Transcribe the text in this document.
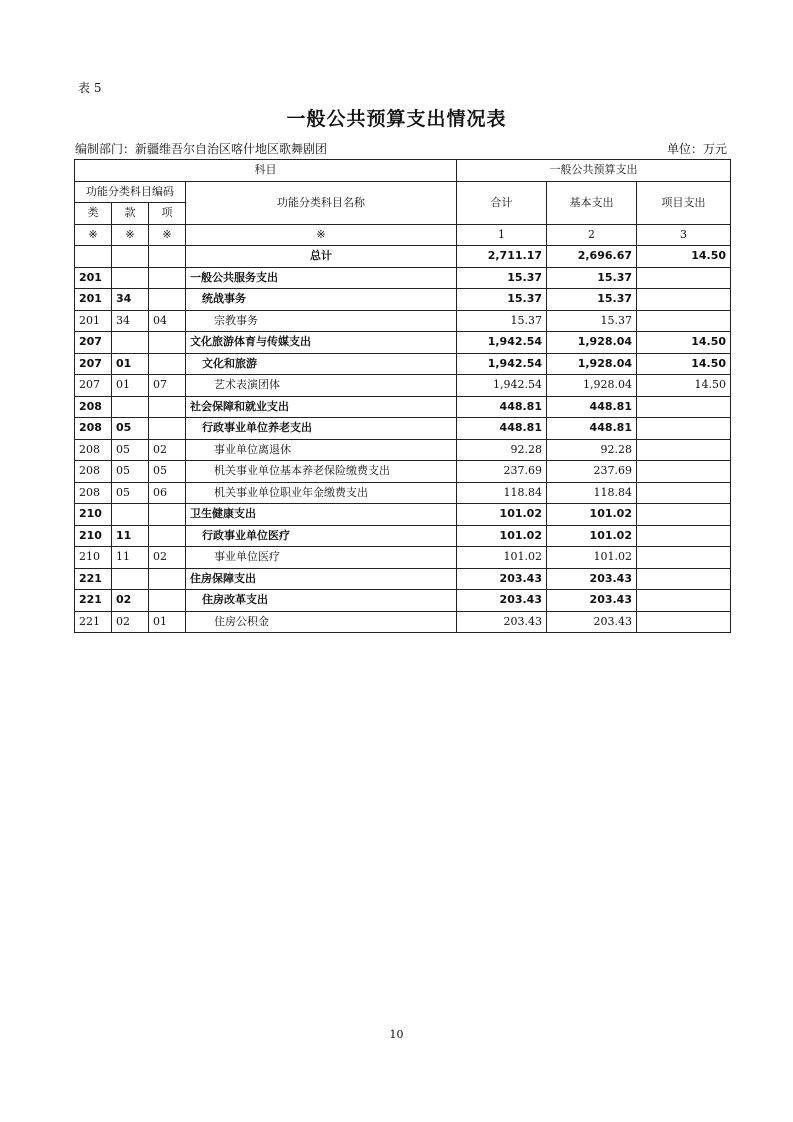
表 5
一般公共预算支出情况表
编制部门：新疆维吾尔自治区喀什地区歌舞剧团	单位：万元
科目				一般公共预算支出		
功能分类科目编码			功能分类科目名称	合计	基本支出	项目支出
类	款	项				
※	※	※	※	1	2	3
			总计	2,711.17	2,696.67	14.50
201			一般公共服务支出	15.37	15.37	
201	34		统战事务	15.37	15.37	
201	34	04	宗教事务	15.37	15.37	
207			文化旅游体育与传媒支出	1,942.54	1,928.04	14.50
207	01		文化和旅游	1,942.54	1,928.04	14.50
207	01	07	艺术表演团体	1,942.54	1,928.04	14.50
208			社会保障和就业支出	448.81	448.81	
208	05		行政事业单位养老支出	448.81	448.81	
208	05	02	事业单位离退休	92.28	92.28	
208	05	05	机关事业单位基本养老保险缴费支出	237.69	237.69	
208	05	06	机关事业单位职业年金缴费支出	118.84	118.84	
210			卫生健康支出	101.02	101.02	
210	11		行政事业单位医疗	101.02	101.02	
210	11	02	事业单位医疗	101.02	101.02	
221			住房保障支出	203.43	203.43	
221	02		住房改革支出	203.43	203.43	
221	02	01	住房公积金	203.43	203.43	
10
